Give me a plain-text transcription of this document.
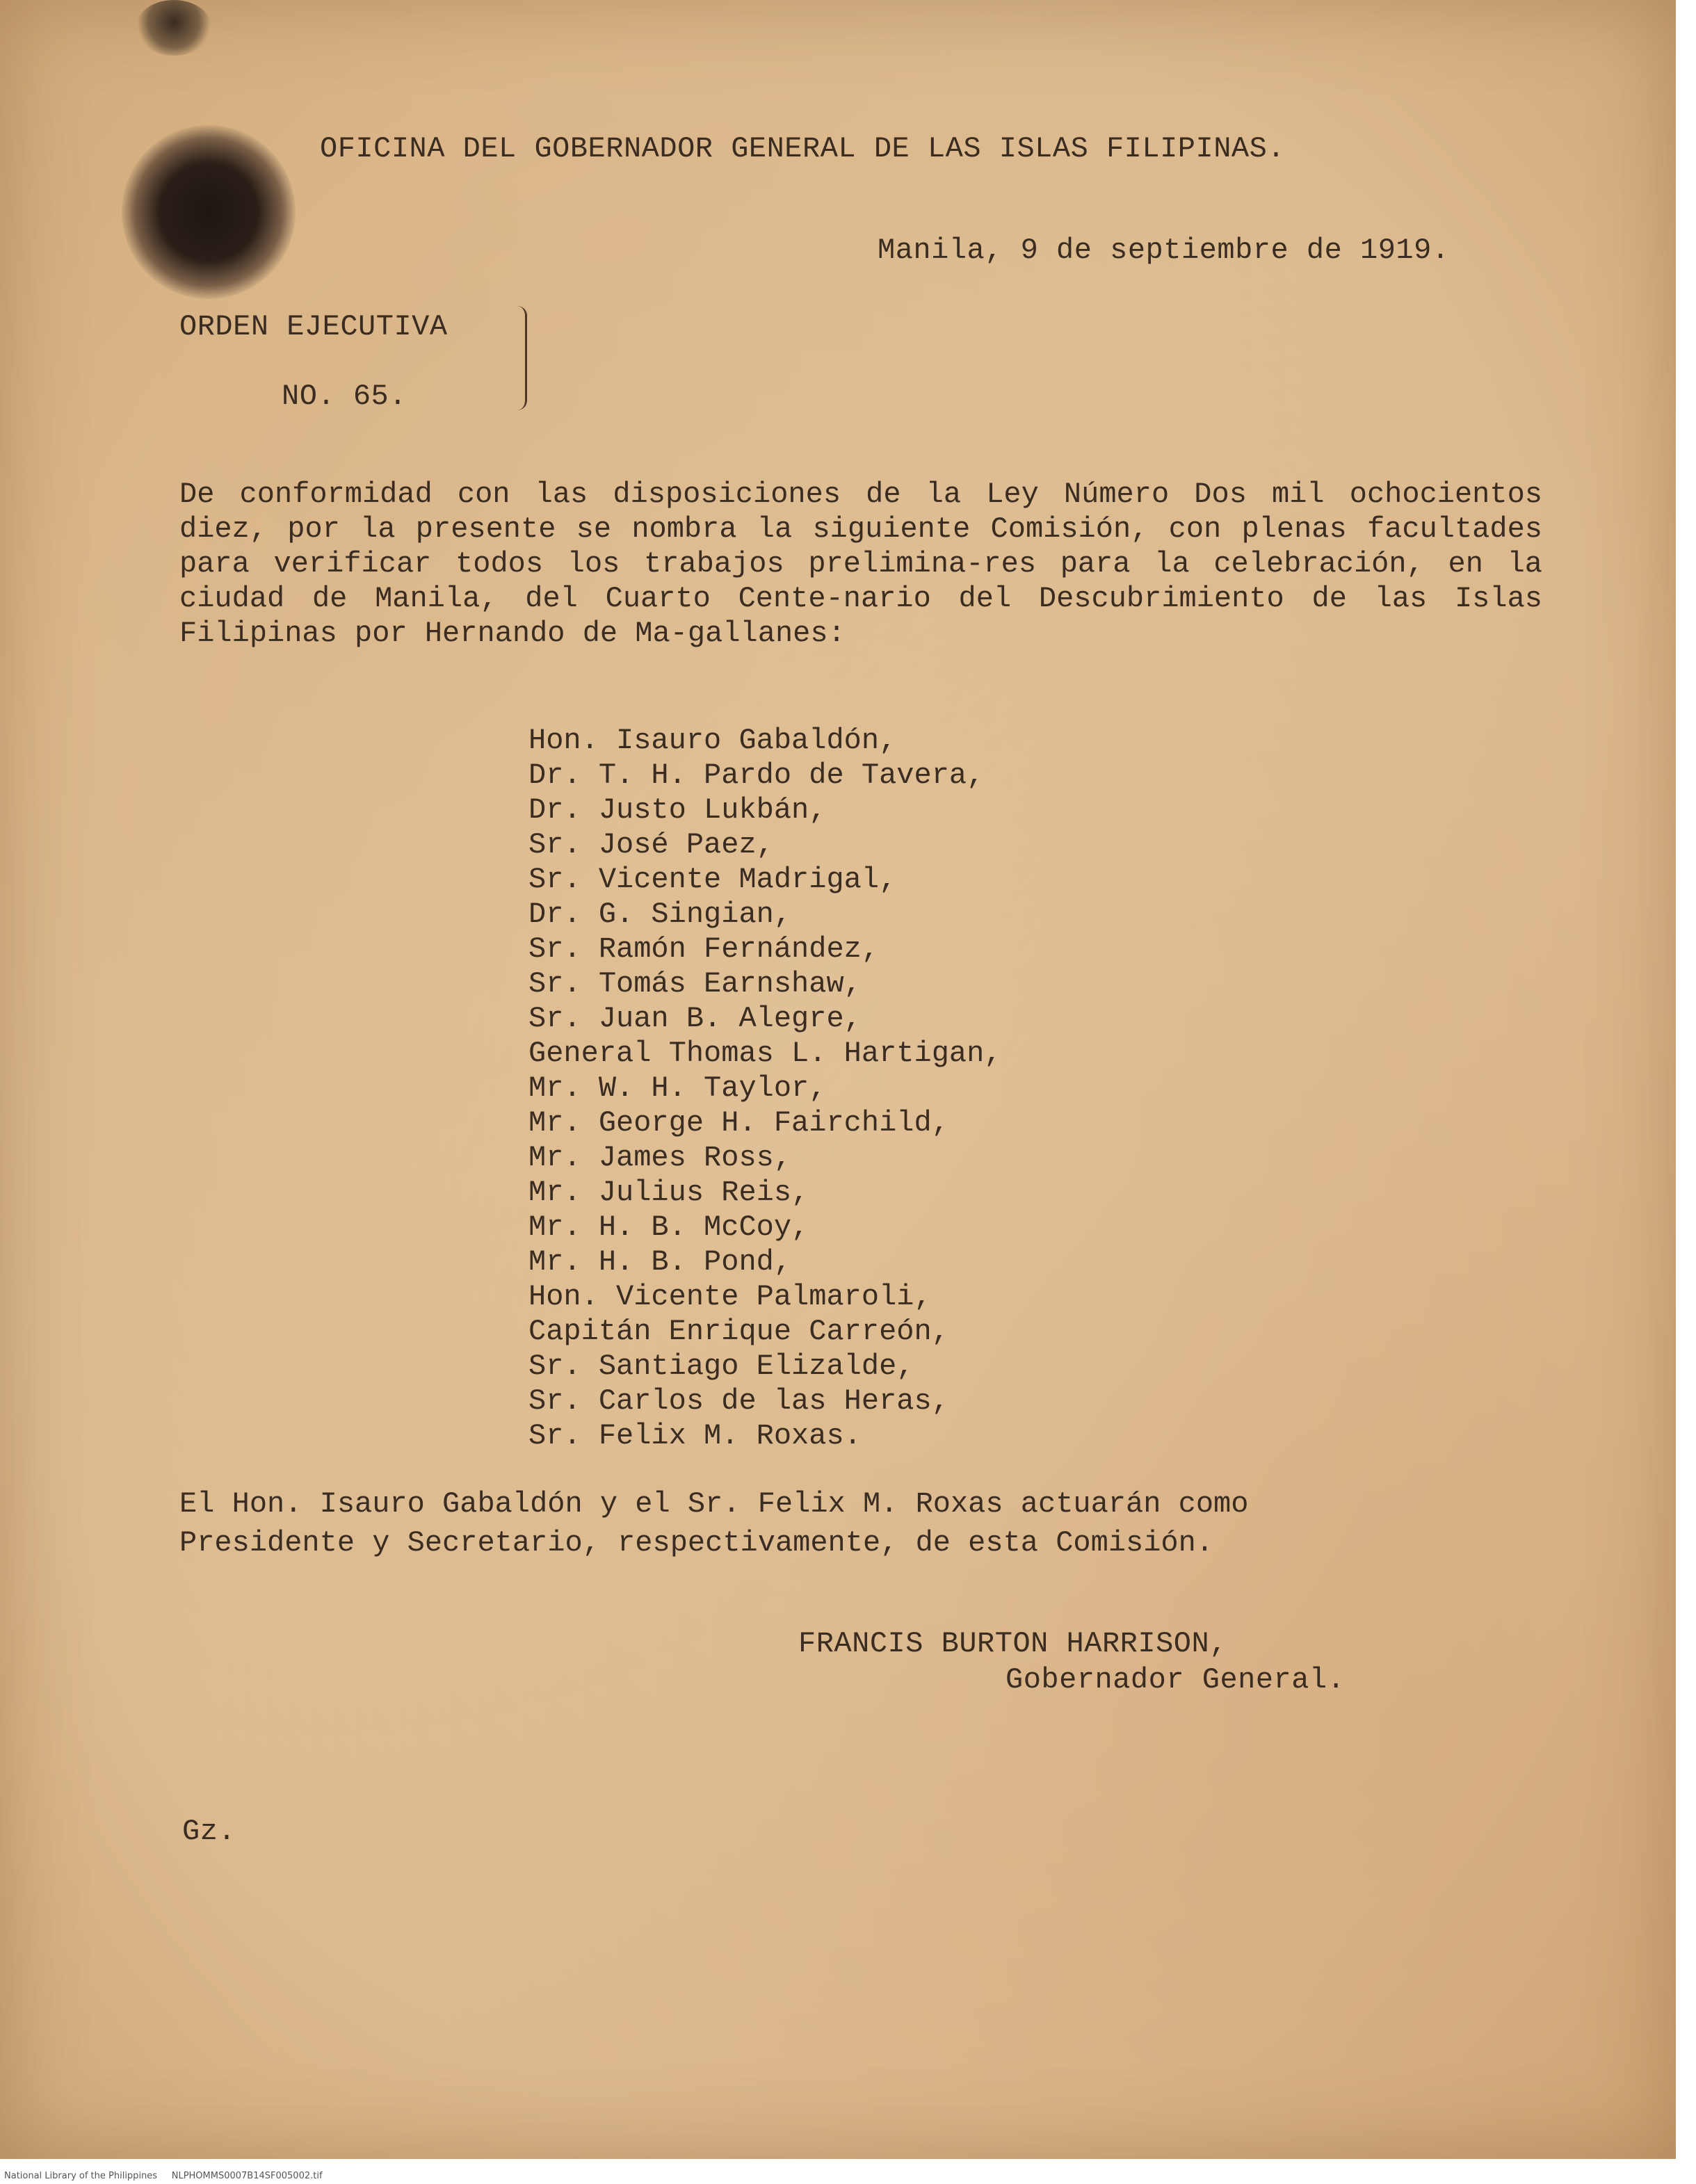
OFICINA DEL GOBERNADOR GENERAL DE LAS ISLAS FILIPINAS.
Manila, 9 de septiembre de 1919.
ORDEN EJECUTIVA
NO. 65.
De conformidad con las disposiciones de la Ley Número Dos mil ochocientos diez, por la presente se nombra la siguiente Comisión, con plenas facultades para verificar todos los trabajos prelimina-res para la celebración, en la ciudad de Manila, del Cuarto Cente-nario del Descubrimiento de las Islas Filipinas por Hernando de Ma-gallanes:
Hon. Isauro Gabaldón,
Dr. T. H. Pardo de Tavera,
Dr. Justo Lukbán,
Sr. José Paez,
Sr. Vicente Madrigal,
Dr. G. Singian,
Sr. Ramón Fernández,
Sr. Tomás Earnshaw,
Sr. Juan B. Alegre,
General Thomas L. Hartigan,
Mr. W. H. Taylor,
Mr. George H. Fairchild,
Mr. James Ross,
Mr. Julius Reis,
Mr. H. B. McCoy,
Mr. H. B. Pond,
Hon. Vicente Palmaroli,
Capitán Enrique Carreón,
Sr. Santiago Elizalde,
Sr. Carlos de las Heras,
Sr. Felix M. Roxas.
El Hon. Isauro Gabaldón y el Sr. Felix M. Roxas actuarán como
Presidente y Secretario, respectivamente, de esta Comisión.
FRANCIS BURTON HARRISON,
Gobernador General.
Gz.
National Library of the Philippines     NLPHOMMS0007B14SF005002.tif
